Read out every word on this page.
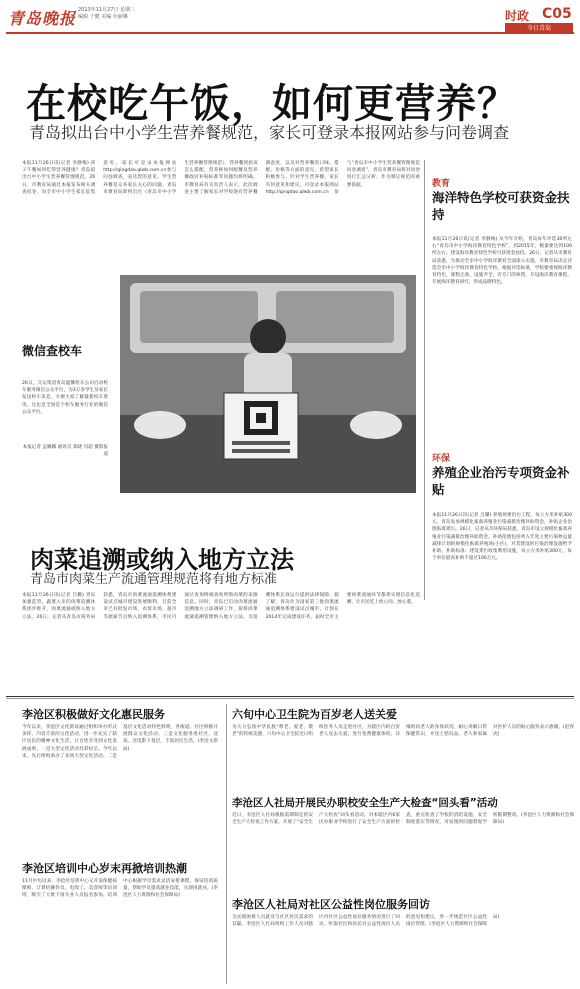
青岛晚报 2013年11月27日 星期三
编辑 于健 美编 台丽琳	时政 C05
今日青岛
在校吃午饭，如何更营养？
青岛拟出台中小学生营养餐规范，家长可登录本报网站参与问卷调查
本报11月26日讯(记者 李静梅) 孩子午餐如何吃得营养健康？青岛拟出台中小学生营养餐管理规范。26日，市教育局通过本报发布相关调查问卷，向全市中小学生家长征集意见。家长可登录本报网站http://qingdao.qlwb.com.cn参与问卷调查，表达您的意见。学生营养餐是众多家长关心的问题。青岛市教育局即将出台《青岛市中小学生营养餐管理规范》，营养餐到底该怎么搭配，营养师如何配餐及营养餐政府补贴标准等问题均将明确。市教育局有关负责人表示，此次调查主要了解家长对学校现有营养餐满意度，以及对营养餐的口味、搭配、价格等方面的意见，希望家长积极参与。针对学生营养餐，家长有何意见和建议，可登录本报网站http://qingdao.qlwb.com.cn参与“青岛市中小学生营养餐管理规范问卷调查”，青岛市教育局将对问卷进行汇总分析，作为制定规范的重要依据。
微信查校车
26日，交运集团青岛温馨校车公司启动校车服务微信公众平台，为3万多学生及家长发送校车讯息，方便大家了解最新校车资讯。这也是全国首个校车服务行业的微信公众平台。
本报记者 孟娜娜 通讯员 郑晓 闫超 摄影报道
教育
海洋特色学校可获资金扶持
本报11月26日讯(记者 李静梅) 从今年开始，青岛每年评选30所左右“青岛市中小学海洋教育特色学校”，到2015年，数量要达到100所左右。建设海洋教育特色学校可获资金扶持。26日，记者从市教育局获悉，为推动全市中小学海洋教育全面深入实施，市教育局决定评选全市中小学海洋教育特色学校。根据评选标准，学校要重视海洋教育特色，课程完备，设施齐全，有专门的师资，开设海洋教育课程，开展海洋教育研究，形成品牌特色。
环保
养殖企业治污专项资金补贴
本报11月26日讯(记者 吕璐) 养殖场要治污工程，每立方米补贴300元。青岛发放规模化畜禽养殖业污染减排治理补助资金，补贴企业治理畜禽粪污。26日，记者从市环保局获悉，青岛市设立规模化畜禽养殖业污染减排治理补助资金，补助范围包括列入年度主要污染物总量减排计划的规模化畜禽养殖场(小区)，对其建设的污染治理设施给予补助。补助标准：建设粪污收集利用设施，每立方米补贴300元，每个单位最高补助不超过100万元。
肉菜追溯或纳入地方立法
青岛市肉菜生产流通管理规范将有地方标准
本报11月26日讯(记者 吕璐) 青岛加强监管，蔬菜入市的肉菜追溯体系逐步推开，肉菜流通或纳入地方立法。26日，记者从青岛市商务局获悉，青岛市肉菜流通追溯体系建设试点城市建设进展顺利，目前全市已有批发市场、农贸市场、超市等流通节点纳入追溯体系，市民可通过查询终端查询所购肉菜的来源信息。同时，青岛已启动肉菜流通追溯地方立法调研工作，拟将肉菜流通追溯管理纳入地方立法，为追溯体系长效运行提供法律保障。据了解，青岛作为国家第三批肉菜流通追溯体系建设试点城市，计划在2014年完成建设任务，届时全市主要肉菜流通环节都将实现信息化追溯，让市民吃上放心肉、放心菜。
李沧区积极做好文化惠民服务
今年以来，李沧区文化新局通过组织举办形式多样、内容丰富的文化活动，进一步充实了辖区居民的精神文化生活，让百姓享受到文化发展成果。一是大型文化活动异彩纷呈。今年以来，先后组织承办了多项大型文化活动。二是基层文化活动特色鲜明，各街道、社区积极开展群众文化活动。三是文化服务进社区，送戏、送电影下基层，丰富居民生活。(李沧文新局)
六旬中心卫生院为百岁老人送关爱
为大力弘扬中华民族“尊老、爱老、敬老”的传统美德，六旬中心卫生院近日组织医务人员走进社区，为辖区内的百岁老人送去关爱，进行免费健康体检，详细询问老人的身体状况，耐心讲解日常保健常识，并送上慰问品。老人和家属对医护人员的贴心服务表示感谢。(赵春虎)
李沧区人社局开展民办职校安全生产大检查“回头看”活动
近日，李沧区人社局根据前期制定的安全生产大检查工作方案，开展了“安全生产大检查”回头看活动，对本辖区内6家民办职业学校进行了安全生产方面的检查，重点检查了学校的消防设施、安全制度落实等情况，对发现的问题督促学校限期整改。(李沧区人力资源和社会保障局)
李沧区培训中心岁末再掀培训热潮
11月中旬以来，李沧区培训中心又开设保健按摩师、计算机操作员、电焊工、美容师等培训班，吸引了大批下岗失业人员报名参加。培训中心根据学员需求灵活安排课程，保证培训质量，帮助学员提高就业技能，实现再就业。(李沧区人力资源和社会保障局)
李沧区人社局对社区公益性岗位服务回访
为实现困难人员就业与社区居民需求的双赢，李沧区人社局组织工作人员对辖区内社区公益性岗位服务情况进行了回访，听取社区和居民对公益性岗位人员的意见和建议，进一步规范社区公益性岗位管理。(李沧区人力资源和社会保障局)
